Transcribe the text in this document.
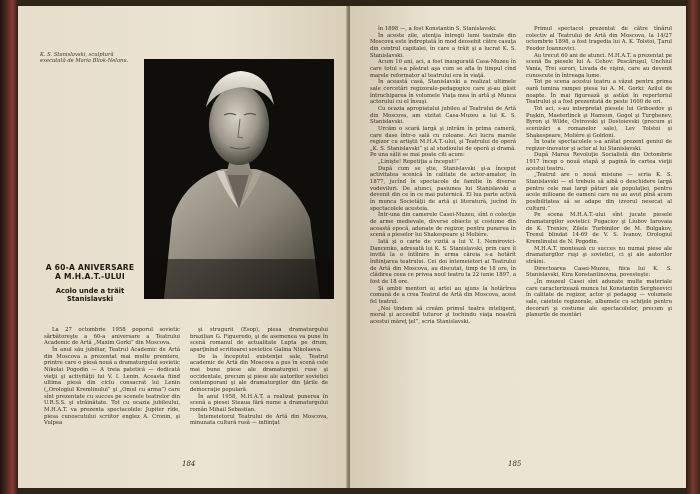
K. S. Stanislavski, sculptură executată de Maria Bliok-Nelanu.
A 60-A ANIVERSARE A M.H.A.T.-ULUI
Acolo unde a trăit Stanislavski

La 27 octombrie 1958 poporul sovietic sărbătoreşte a 60-a aniversare a Teatrului Academic de Artă „Maxim Gorki” din Moscova.

În anul său jubiliar, Teatrul Academic de Artă din Moscova a prezentat mai multe premiere, printre care o piesă nouă a dramaturgului sovietic Nikolai Pogodin — A treia patetică — dedicată vieţii şi activităţii lui V. I. Lenin. Aceasta fiind ultima piesă din ciclu consacrat lui Lenin („Orologiul Kremlinului” şi „Omul cu arma”) care sînt prezentate cu succes pe scenele teatrelor din U.R.S.S. şi străinătate. Tot cu ocazia jubileului, M.H.A.T. va prezenta spectacolele: Jupiter rîde, piesa cunoscutului scriitor englez A. Cronin, şi Vulpea

şi strugurii (Esop), piesa dramaturgului brazilian G. Figueredo, şi de asemenea va pune în scenă romanul de actualitate Lupta pe drum, aparţinînd scriitoarei sovietice Galina Nikolaeva.

De la începutul existenţei sale, Teatrul academic de Artă din Moscova a pus în scenă cele mai bune piese ale dramaturgiei ruse şi occidentale, precum şi piese ale autorilor sovietici contemporani şi ale dramaturgilor din ţările de democraţie populară.

În anul 1958, M.H.A.T. a realizat punerea în scenă a piesei Steaua fără nume a dramaturgului român Mihail Sebastian.

Întemeietorul Teatrului de Artă din Moscova, minunata cultură rusă — infiinţat

184

în 1898 —, a fost Konstantin S. Stanislavski.

În aceste zile, atenţia întregii lumi teatrale din Moscova este îndreptată în mod deosebit către casuţa din centrul capitalei, în care a trăit şi a lucrat K. S. Stanislavski.

Acum 10 ani, aci, a fost inaugurată Casa-Muzeu în care totul s-a păstrat aşa cum se afla în timpul cînd marele reformator al teatrului era în viaţă.

În această casă, Stanislavski a realizat ultimele sale cercetări regizorale-pedagogice care şi-au găsit întruchiparea în volumele Viaţa mea în artă şi Munca actorului cu el însuşi.

Cu ocazia apropiatului jubileu al Teatrului de Artă din Moscova, am vizitat Casa-Muzeu a lui K. S. Stanislavski.

Urcăm o scară largă şi intrăm în prima cameră, care dase într-o sală cu coloane. Aci lucra marele regizor cu artiştii M.H.A.T.-ului, şi Teatrului de operă „K. S. Stanislavski” şi al studioului de operă şi dramă. Pe una sălii se mai poate citi acum:

„Linişte! Repetiţia a început!”

După cum se ştie, Stanislavski şi-a început activitatea scenică în calitate de actor-amator, în 1877, jucînd în spectacole de familie în diverse vodeviluri. De atunci, pasiunea lui Stanislavski a devenit din ce în ce mai puternică. El lua parte activă în munca Societăţii de artă şi literatură, jucînd în spectacolele acesteia.

Într-una din camerele Casei-Muzeu, sînt o colecţie de arme medievale, diverse obiecte şi costume din această epocă, adunate de regizor, pentru punerea în scenă a pieselor lui Shakespeare şi Molière.

Iată şi o carte de vizită a lui V. I. Nemirovici-Dancenko, adresată lui K. S. Stanislavski, prin care îl invită la o întîlnire în urma căreia s-a hotărît înfiinţarea teatrului. Cei doi întemeietori ai Teatrului de Artă din Moscova, au discutat, timp de 18 ore, în clădirea ceea ce privea noul teatru la 22 iunie 1897, a fost de 18 ore.

Şi ambii mentori ai artei au ajuns la hotărîrea comună de a crea Teatrul de Artă din Moscova, acest fel teatrul.

„Noi tindem să creăm primul teatru inteligent, moral şi accesibil tuturor şi tochindu viaţa noastră acestui măreţ ţel”, scria Stanislavski.

Primul spectacol prezentat de către tînărul colectiv al Teatrului de Artă din Moscova, la 14/27 octombrie 1898, a fost tragedia lui A. K. Tolstoi, Ţarul Feodor Ioannovici.

Au trecut 60 ani de atunci. M.H.A.T. a prezentat pe scenă 8a piesele lui A. Cehov: Pescăruşul, Unchiul Vania, Trei surori, Livada de vişini, care au devenit cunoscute în întreaga lume.

Tot pe scena acestui teatru a văzut pentru prima oară lumina rampei piesa lui A. M. Gorki: Azilul de noapte. În mai figurează şi astăzi în repertoriul Teatrului şi a fost prezentată de peste 1600 de ori.

Tot aci, s-au interpretat piesele lui Griboedov şi Puşkin, Maeterlinck şi Hamsun, Gogol şi Turghenev, Byron şi Wilde, Ostrovski şi Dostoievski (precum şi scenizări a romanelor sale), Lev Tolstoi şi Shakespeare, Molière şi Goldoni.

În toate spectacolele s-a arătat prezent geniul de regizor-inovator şi actor al lui Stanislavski.

După Marea Revoluţie Socialistă din Octombrie 1917 încep o nouă etapă şi pagină în cartea vieţii acestui teatru.

„Teatrul are o nouă misiune — scria K. S. Stanislavski — el trebuie să aibă o deschidere largă pentru cele mai largi pături ale populaţiei, pentru acele milioane de oameni care nu au avut pînă acum posibilitatea să se adape din izvorul nesecat al culturii.”

Pe scena M.H.A.T.-ului sînt jucate piesele dramaturgilor sovietici: Pugaciov şi Liubov Iarovaia de K. Treniov, Zilele Turbinilor de M. Bulgakov, Trenul blindat 14-69 de V. S. Ivanov, Orologiul Kremlinului de N. Pogodin.

M.H.A.T. montează cu succes nu numai piese ale dramaturgilor ruşi şi sovietici, ci şi ale autorilor străini.

Directoarea Casei-Muzeu, fiica lui K. S. Stanislavski, Kira Konstantinovna, povesteşte:

„În muzeul Casei sînt adunate multe materiale care caracterizează munca lui Konstantin Sergheevici în calitate de regizor, actor şi pedagog — volumele sale, caietele regizorale, albumele cu schiţele pentru decoruri şi costume ale spectacolelor, precum şi planurile de montări

185
